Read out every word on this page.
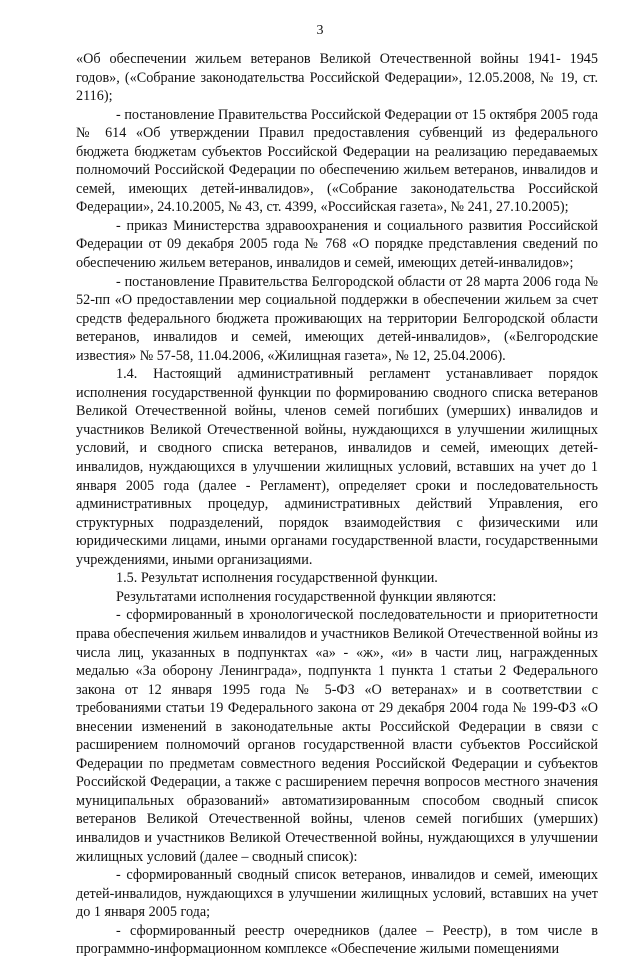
3

«Об обеспечении жильем ветеранов Великой Отечественной войны 1941- 1945 годов», («Собрание законодательства Российской Федерации», 12.05.2008, № 19, ст. 2116);

- постановление Правительства Российской Федерации от 15 октября 2005 года № 614 «Об утверждении Правил предоставления субвенций из федерального бюджета бюджетам субъектов Российской Федерации на реализацию передаваемых полномочий Российской Федерации по обеспечению жильем ветеранов, инвалидов и семей, имеющих детей-инвалидов», («Собрание законодательства Российской Федерации», 24.10.2005, № 43, ст. 4399, «Российская газета», № 241, 27.10.2005);

- приказ Министерства здравоохранения и социального развития Российской Федерации от 09 декабря 2005 года № 768 «О порядке представления сведений по обеспечению жильем ветеранов, инвалидов и семей, имеющих детей-инвалидов»;

- постановление Правительства Белгородской области от 28 марта 2006 года № 52-пп «О предоставлении мер социальной поддержки в обеспечении жильем за счет средств федерального бюджета проживающих на территории Белгородской области ветеранов, инвалидов и семей, имеющих детей-инвалидов», («Белгородские известия» № 57-58, 11.04.2006, «Жилищная газета», № 12, 25.04.2006).

1.4. Настоящий административный регламент устанавливает порядок исполнения государственной функции по формированию сводного списка ветеранов Великой Отечественной войны, членов семей погибших (умерших) инвалидов и участников Великой Отечественной войны, нуждающихся в улучшении жилищных условий, и сводного списка ветеранов, инвалидов и семей, имеющих детей-инвалидов, нуждающихся в улучшении жилищных условий, вставших на учет до 1 января 2005 года (далее - Регламент), определяет сроки и последовательность административных процедур, административных действий Управления, его структурных подразделений, порядок взаимодействия с физическими или юридическими лицами, иными органами государственной власти, государственными учреждениями, иными организациями.

1.5. Результат исполнения государственной функции.

Результатами исполнения государственной функции являются:

- сформированный в хронологической последовательности и приоритетности права обеспечения жильем инвалидов и участников Великой Отечественной войны из числа лиц, указанных в подпунктах «а» - «ж», «и» в части лиц, награжденных медалью «За оборону Ленинграда», подпункта 1 пункта 1 статьи 2 Федерального закона от 12 января 1995 года № 5-ФЗ «О ветеранах» и в соответствии с требованиями статьи 19 Федерального закона от 29 декабря 2004 года № 199-ФЗ «О внесении изменений в законодательные акты Российской Федерации в связи с расширением полномочий органов государственной власти субъектов Российской Федерации по предметам совместного ведения Российской Федерации и субъектов Российской Федерации, а также с расширением перечня вопросов местного значения муниципальных образований» автоматизированным способом сводный список ветеранов Великой Отечественной войны, членов семей погибших (умерших) инвалидов и участников Великой Отечественной войны, нуждающихся в улучшении жилищных условий (далее – сводный список):

- сформированный сводный список ветеранов, инвалидов и семей, имеющих детей-инвалидов, нуждающихся в улучшении жилищных условий, вставших на учет до 1 января 2005 года;

- сформированный реестр очередников (далее – Реестр), в том числе в программно-информационном комплексе «Обеспечение жилыми помещениями
